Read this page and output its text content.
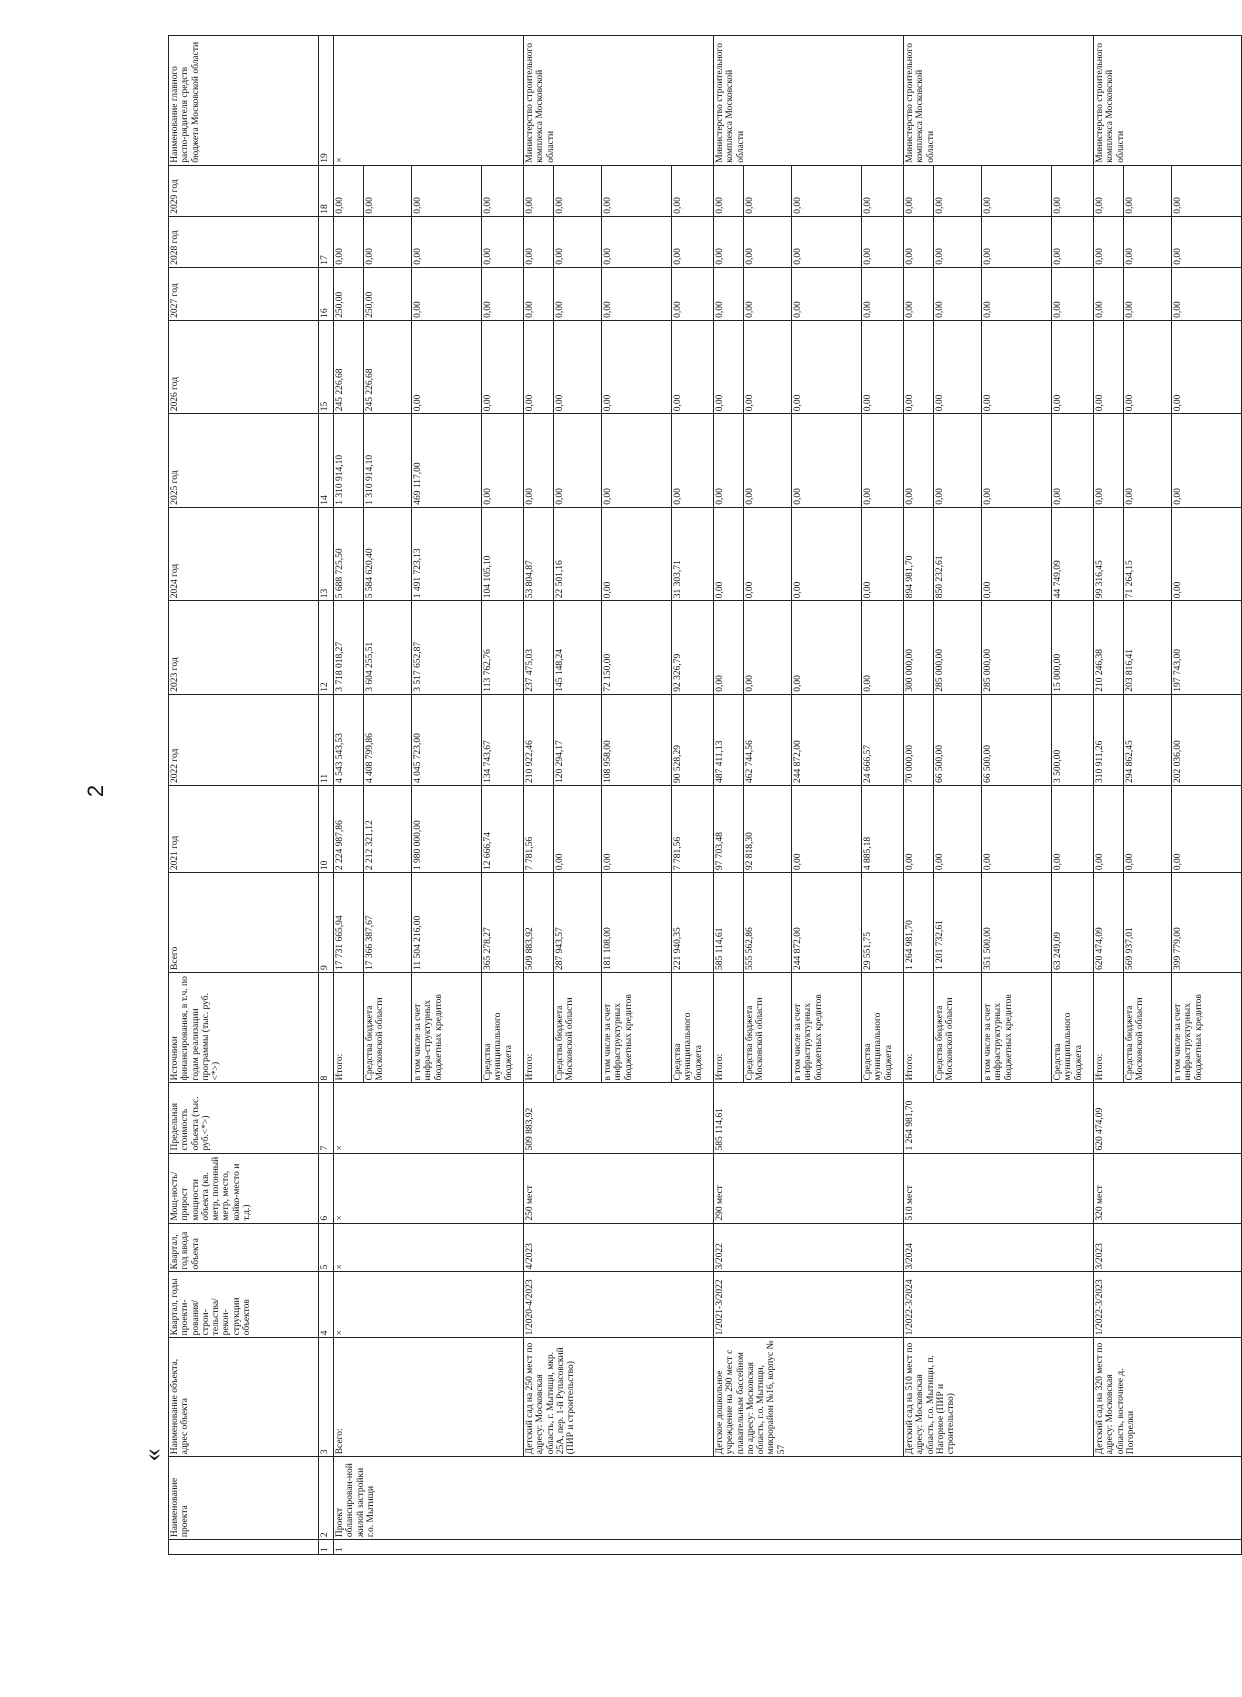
2
«
	Наименование проекта	Наименование объекта, адрес объекта	Квартал, годы проекти-рования/ строи-тельства/ рекон-струкции объектов	Квартал, год ввода объекта	Мощ-ность/ прирост мощности объекта (кв. метр, погонный метр, место, койко-место и т.д.)	Предельная стоимость объекта (тыс. руб.<*>)	Источники финансирования, в т.ч. по годам реализации программы (тыс. руб.<*>)	Всего	2021 год	2022 год	2023 год	2024 год	2025 год	2026 год	2027 год	2028 год	2029 год	Наименование главного распо-рядителя средств бюджета Московской области
1	2	3	4	5	6	7	8	9	10	11	12	13	14	15	16	17	18	19
1	Проект облансирован-ной жилой застройки г.о. Мытищи	Всего:	×	×	×	×	Итого:	17 731 665,94	2 224 987,86	4 543 543,53	3 718 018,27	5 688 725,50	1 310 914,10	245 226,68	250,00	0,00	0,00	×
							Средства бюджета Московской области	17 366 387,67	2 212 321,12	4 408 799,86	3 604 255,51	5 584 620,40	1 310 914,10	245 226,68	250,00	0,00	0,00	
							в том числе за счет инфра-структурных бюджетных кредитов	11 504 216,00	1 980 000,00	4 045 723,00	3 517 652,87	1 491 723,13	469 117,00	0,00	0,00	0,00	0,00	
							Средства муниципального бюджета	365 278,27	12 666,74	134 743,67	113 762,76	104 105,10	0,00	0,00	0,00	0,00	0,00	
		Детский сад на 250 мест по адресу: Московская область, г. Мытищи, мкр. 25А, пер. 1-й Рупасовский (ПИР и строительство)	1/2020-4/2023	4/2023	250 мест	509 883,92	Итого:	509 883,92	7 781,56	210 922,46	237 475,03	53 804,87	0,00	0,00	0,00	0,00	0,00	Министерство строительного комплекса Московской области
							Средства бюджета Московской области	287 943,57	0,00	120 294,17	145 148,24	22 501,16	0,00	0,00	0,00	0,00	0,00	
							в том числе за счет инфраструктурных бюджетных кредитов	181 108,00	0,00	108 958,00	72 150,00	0,00	0,00	0,00	0,00	0,00	0,00	
							Средства муниципального бюджета	221 940,35	7 781,56	90 528,29	92 326,79	31 303,71	0,00	0,00	0,00	0,00	0,00	
		Детское дошкольное учреждение на 290 мест с плавательным бассейном по адресу: Московская область, г.о. Мытищи, микрорайон №16, корпус № 57	1/2021-3/2022	3/2022	290 мест	585 114,61	Итого:	585 114,61	97 703,48	487 411,13	0,00	0,00	0,00	0,00	0,00	0,00	0,00	Министерство строительного комплекса Московской области
							Средства бюджета Московской области	555 562,86	92 818,30	462 744,56	0,00	0,00	0,00	0,00	0,00	0,00	0,00	
							в том числе за счет инфраструктурных бюджетных кредитов	244 872,00	0,00	244 872,00	0,00	0,00	0,00	0,00	0,00	0,00	0,00	
							Средства муниципального бюджета	29 551,75	4 885,18	24 666,57	0,00	0,00	0,00	0,00	0,00	0,00	0,00	
		Детский сад на 510 мест по адресу: Московская область, г.о. Мытищи, п. Нагорное (ПИР и строительство)	1/2022-3/2024	3/2024	510 мест	1 264 981,70	Итого:	1 264 981,70	0,00	70 000,00	300 000,00	894 981,70	0,00	0,00	0,00	0,00	0,00	Министерство строительного комплекса Московской области
							Средства бюджета Московской области	1 201 732,61	0,00	66 500,00	285 000,00	850 232,61	0,00	0,00	0,00	0,00	0,00	
							в том числе за счет инфраструктурных бюджетных кредитов	351 500,00	0,00	66 500,00	285 000,00	0,00	0,00	0,00	0,00	0,00	0,00	
							Средства муниципального бюджета	63 249,09	0,00	3 500,00	15 000,00	44 749,09	0,00	0,00	0,00	0,00	0,00	
		Детский сад на 320 мест по адресу: Московская область, восточнее д. Погорелки	1/2022-3/2023	3/2023	320 мест	620 474,09	Итого:	620 474,09	0,00	310 911,26	210 246,38	99 316,45	0,00	0,00	0,00	0,00	0,00	Министерство строительного комплекса Московской области
							Средства бюджета Московской области	569 937,01	0,00	294 862,45	203 816,41	71 264,15	0,00	0,00	0,00	0,00	0,00	
							в том числе за счет инфраструктурных бюджетных кредитов	399 779,00	0,00	202 036,00	197 743,00	0,00	0,00	0,00	0,00	0,00	0,00	
